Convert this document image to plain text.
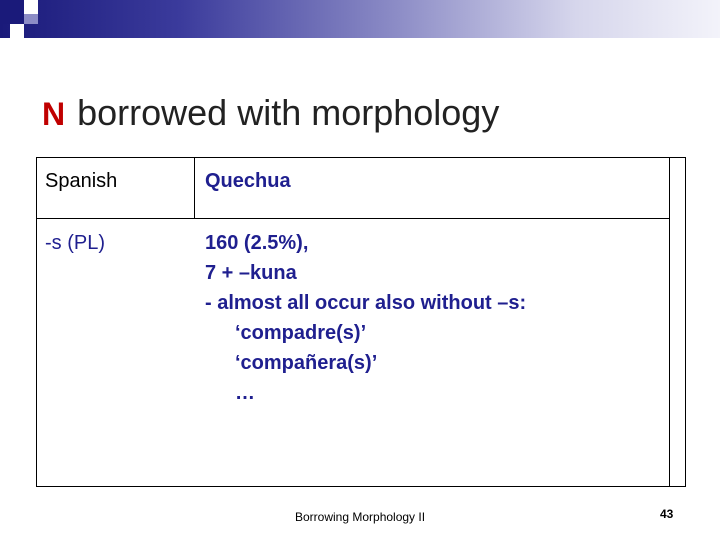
N borrowed with morphology
Spanish	Quechua
-s (PL)	160 (2.5%),
7 + –kuna
- almost all occur also without –s:
‘compadre(s)’
‘compañera(s)’
…
Borrowing Morphology II	43
